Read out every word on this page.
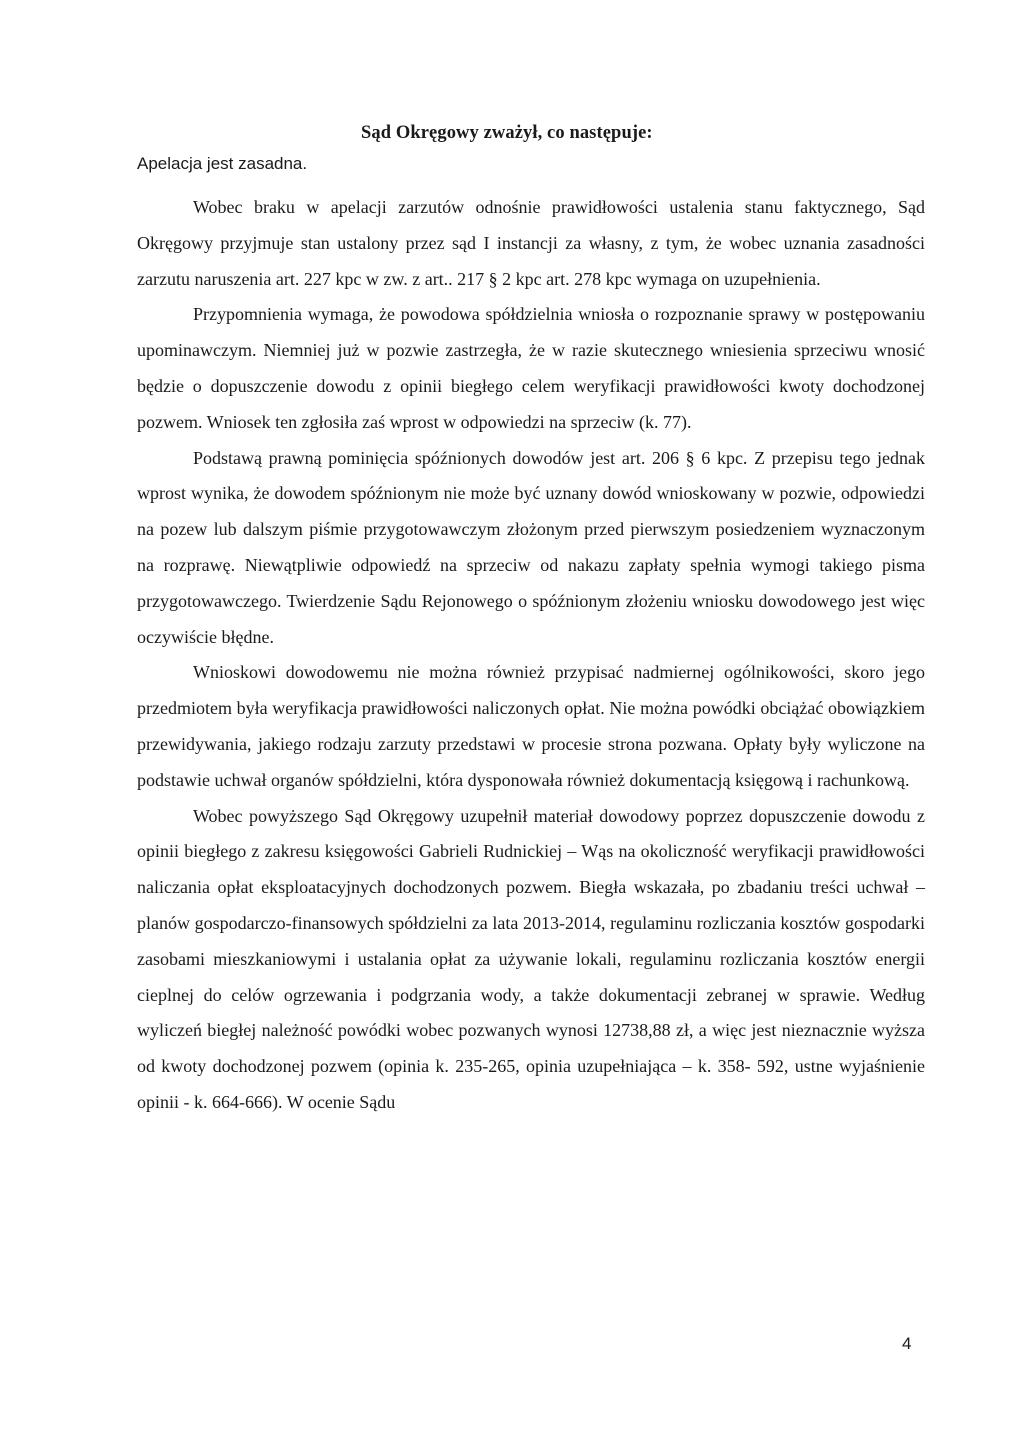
Sąd Okręgowy zważył, co następuje:
Apelacja jest zasadna.

Wobec braku w apelacji zarzutów odnośnie prawidłowości ustalenia stanu faktycznego, Sąd Okręgowy przyjmuje stan ustalony przez sąd I instancji za własny, z tym, że wobec uznania zasadności zarzutu naruszenia art. 227 kpc w zw. z art.. 217 § 2 kpc art. 278 kpc wymaga on uzupełnienia.

Przypomnienia wymaga, że powodowa spółdzielnia wniosła o rozpoznanie sprawy w postępowaniu upominawczym. Niemniej już w pozwie zastrzegła, że w razie skutecznego wniesienia sprzeciwu wnosić będzie o dopuszczenie dowodu z opinii biegłego celem weryfikacji prawidłowości kwoty dochodzonej pozwem. Wniosek ten zgłosiła zaś wprost w odpowiedzi na sprzeciw (k. 77).

Podstawą prawną pominięcia spóźnionych dowodów jest art. 206 § 6 kpc. Z przepisu tego jednak wprost wynika, że dowodem spóźnionym nie może być uznany dowód wnioskowany w pozwie, odpowiedzi na pozew lub dalszym piśmie przygotowawczym złożonym przed pierwszym posiedzeniem wyznaczonym na rozprawę. Niewątpliwie odpowiedź na sprzeciw od nakazu zapłaty spełnia wymogi takiego pisma przygotowawczego. Twierdzenie Sądu Rejonowego o spóźnionym złożeniu wniosku dowodowego jest więc oczywiście błędne.

Wnioskowi dowodowemu nie można również przypisać nadmiernej ogólnikowości, skoro jego przedmiotem była weryfikacja prawidłowości naliczonych opłat. Nie można powódki obciążać obowiązkiem przewidywania, jakiego rodzaju zarzuty przedstawi w procesie strona pozwana. Opłaty były wyliczone na podstawie uchwał organów spółdzielni, która dysponowała również dokumentacją księgową i rachunkową.

Wobec powyższego Sąd Okręgowy uzupełnił materiał dowodowy poprzez dopuszczenie dowodu z opinii biegłego z zakresu księgowości Gabrieli Rudnickiej – Wąs na okoliczność weryfikacji prawidłowości naliczania opłat eksploatacyjnych dochodzonych pozwem. Biegła wskazała, po zbadaniu treści uchwał – planów gospodarczo-finansowych spółdzielni za lata 2013-2014, regulaminu rozliczania kosztów gospodarki zasobami mieszkaniowymi i ustalania opłat za używanie lokali, regulaminu rozliczania kosztów energii cieplnej do celów ogrzewania i podgrzania wody, a także dokumentacji zebranej w sprawie. Według wyliczeń biegłej należność powódki wobec pozwanych wynosi 12738,88 zł, a więc jest nieznacznie wyższa od kwoty dochodzonej pozwem (opinia k. 235-265, opinia uzupełniająca – k. 358- 592, ustne wyjaśnienie opinii - k. 664-666). W ocenie Sądu

4
